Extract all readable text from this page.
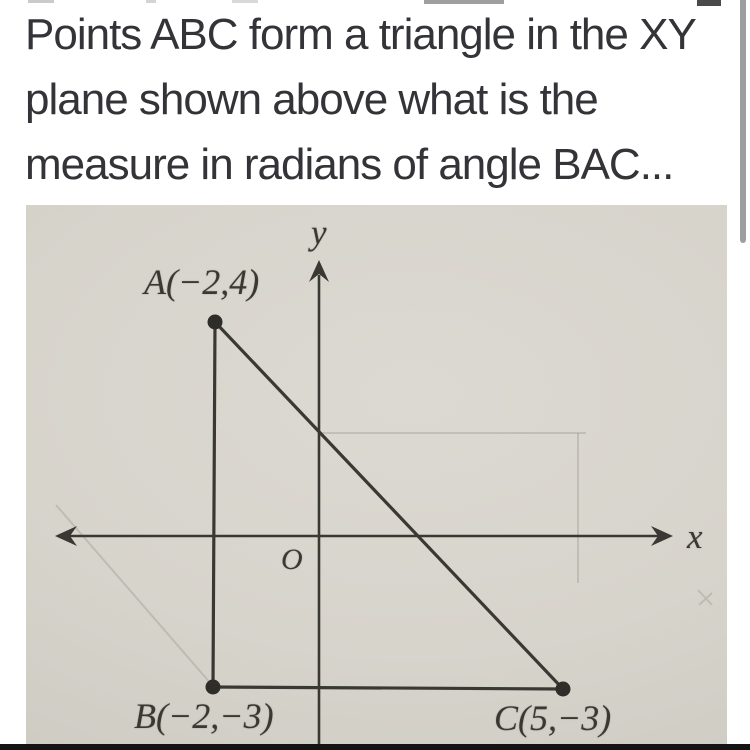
Points ABC form a triangle in the XY
plane shown above what is the
measure in radians of angle BAC...
y
x
O
A(−2,4)
B(−2,−3)	C(5,−3)
